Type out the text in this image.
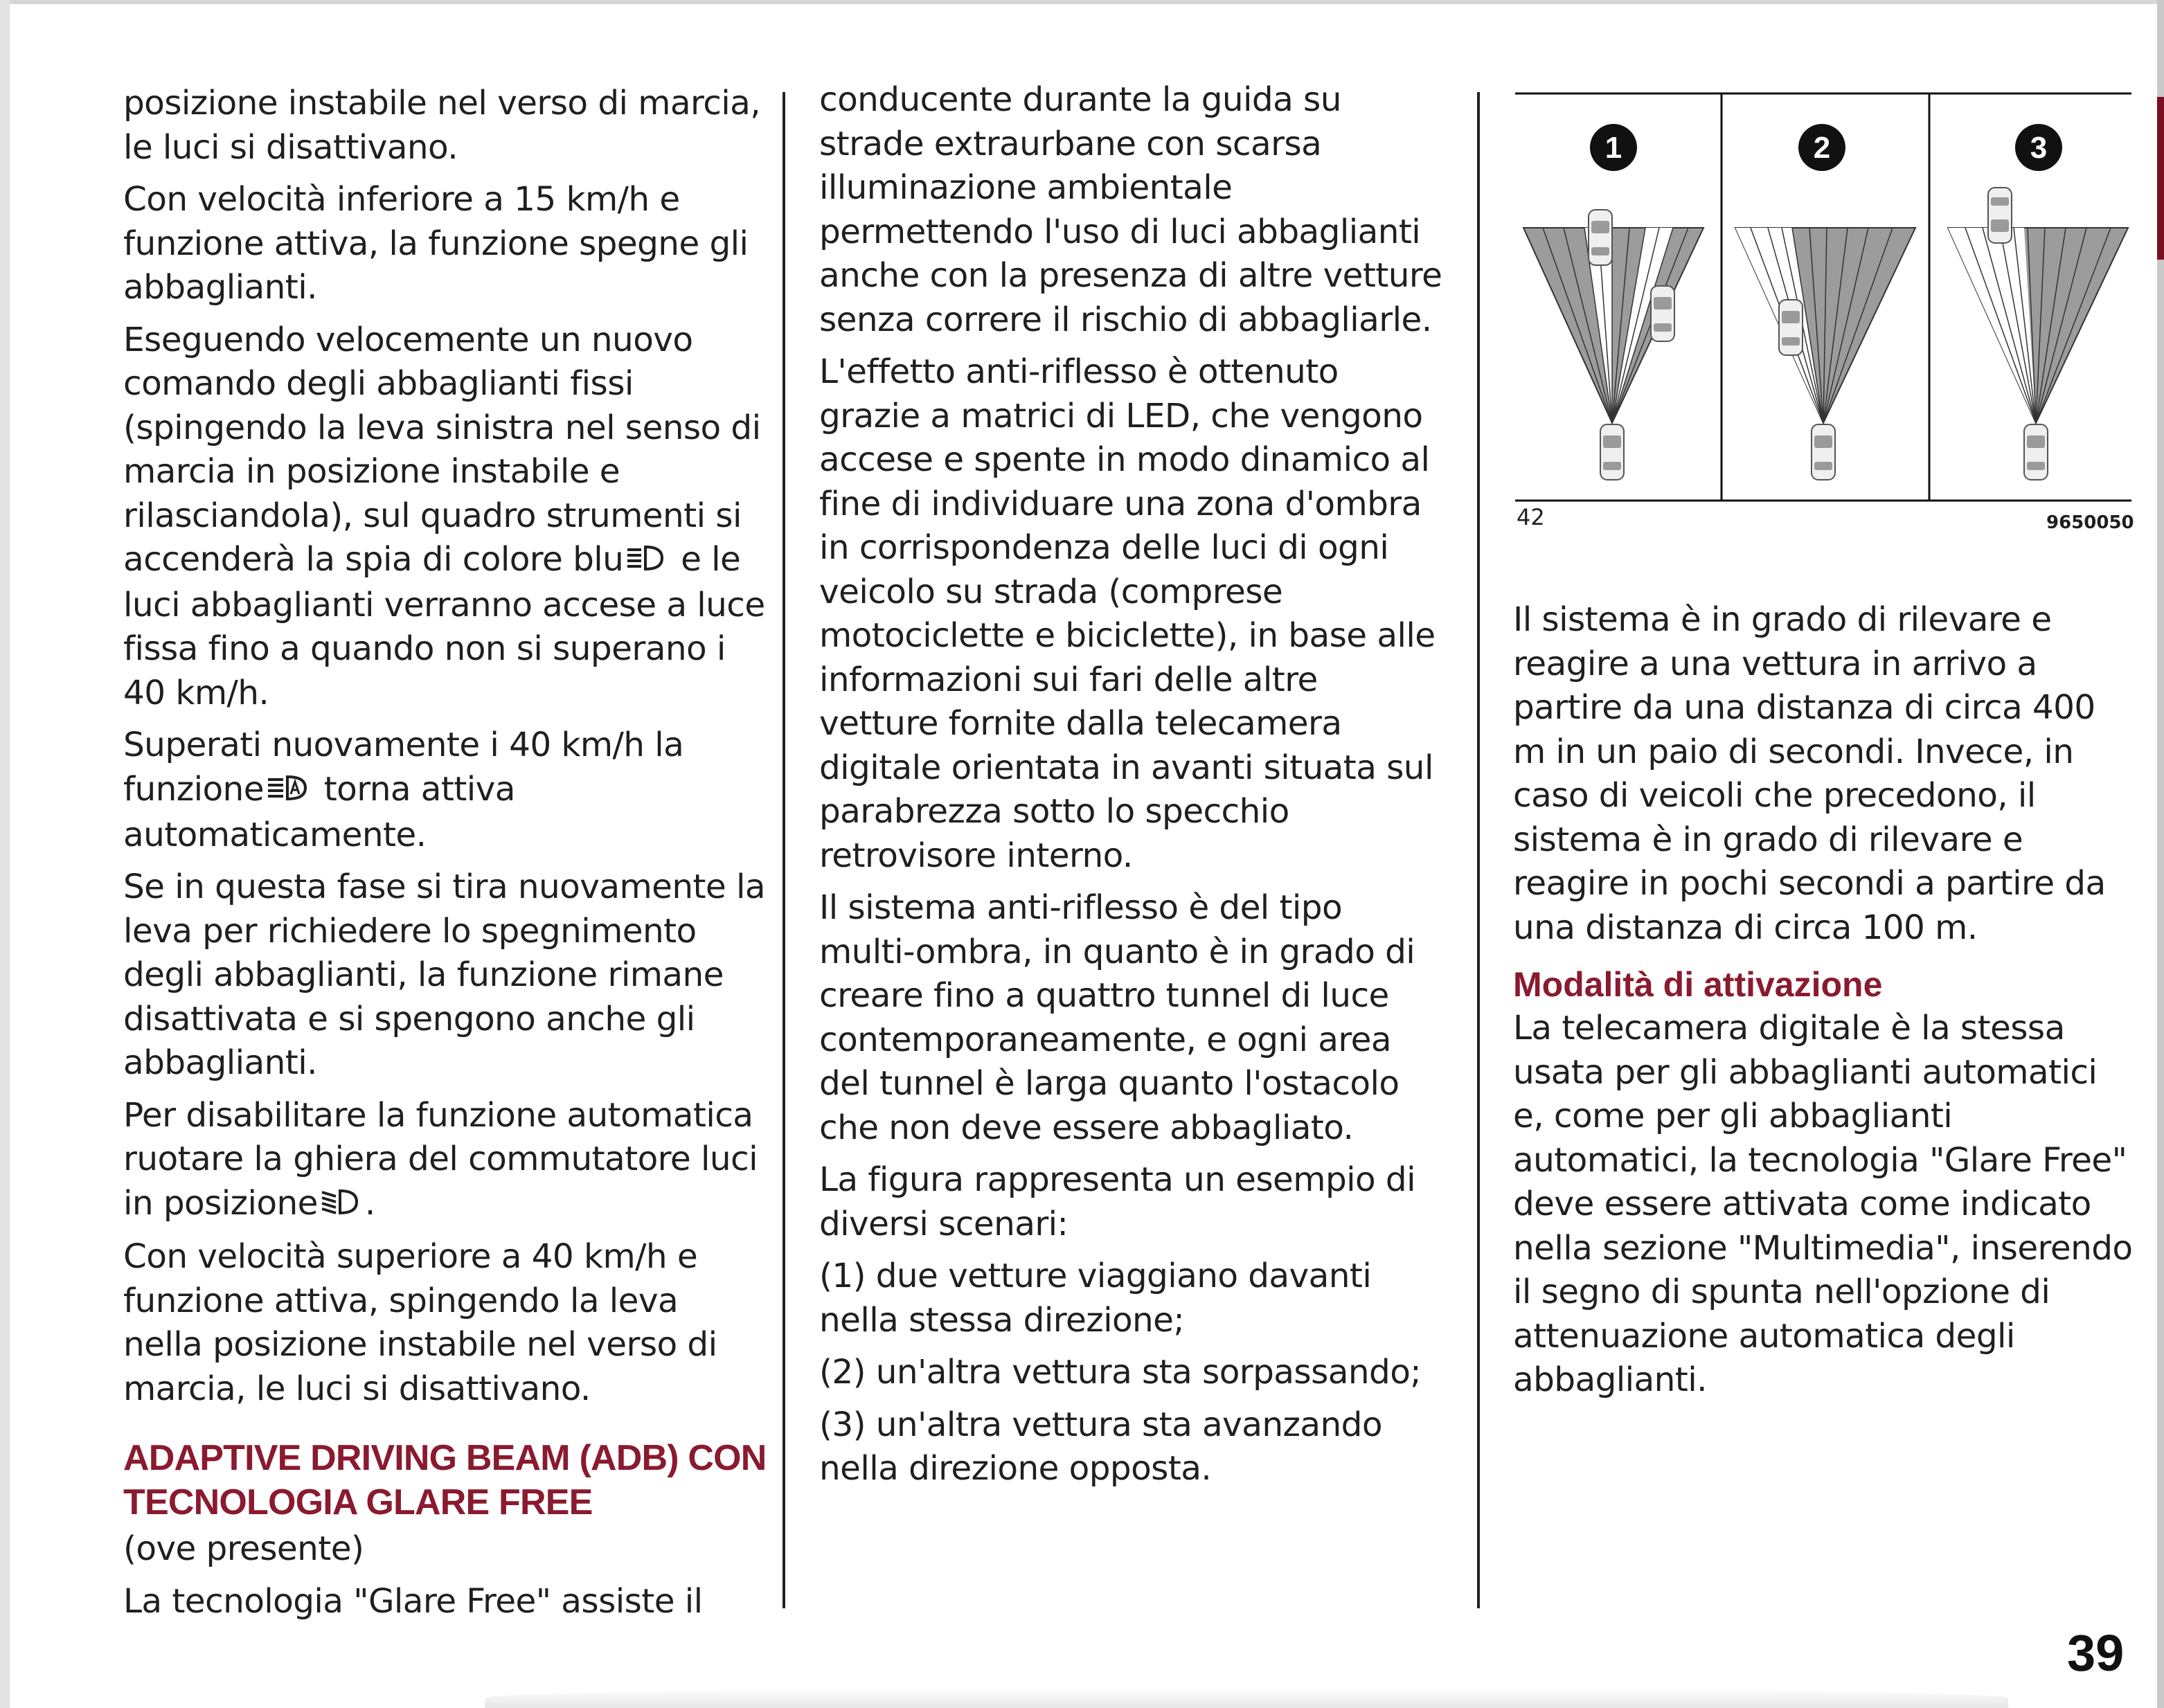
posizione instabile nel verso di marcia, le luci si disattivano.

Con velocità inferiore a 15 km/h e funzione attiva, la funzione spegne gli abbaglianti.

Eseguendo velocemente un nuovo comando degli abbaglianti fissi (spingendo la leva sinistra nel senso di marcia in posizione instabile e rilasciandola), sul quadro strumenti si accenderà la spia di colore blu e le luci abbaglianti verranno accese a luce fissa fino a quando non si superano i 40 km/h.

Superati nuovamente i 40 km/h la funzione torna attiva automaticamente.

Se in questa fase si tira nuovamente la leva per richiedere lo spegnimento degli abbaglianti, la funzione rimane disattivata e si spengono anche gli abbaglianti.

Per disabilitare la funzione automatica ruotare la ghiera del commutatore luci in posizione .

Con velocità superiore a 40 km/h e funzione attiva, spingendo la leva nella posizione instabile nel verso di marcia, le luci si disattivano.

ADAPTIVE DRIVING BEAM (ADB) CON TECNOLOGIA GLARE FREE

(ove presente)

La tecnologia "Glare Free" assiste il

conducente durante la guida su strade extraurbane con scarsa illuminazione ambientale permettendo l'uso di luci abbaglianti anche con la presenza di altre vetture senza correre il rischio di abbagliarle.

L'effetto anti-riflesso è ottenuto grazie a matrici di LED, che vengono accese e spente in modo dinamico al fine di individuare una zona d'ombra in corrispondenza delle luci di ogni veicolo su strada (comprese motociclette e biciclette), in base alle informazioni sui fari delle altre vetture fornite dalla telecamera digitale orientata in avanti situata sul parabrezza sotto lo specchio retrovisore interno.

Il sistema anti-riflesso è del tipo multi-ombra, in quanto è in grado di creare fino a quattro tunnel di luce contemporaneamente, e ogni area del tunnel è larga quanto l'ostacolo che non deve essere abbagliato.

La figura rappresenta un esempio di diversi scenari:

(1) due vetture viaggiano davanti nella stessa direzione;

(2) un'altra vettura sta sorpassando;

(3) un'altra vettura sta avanzando nella direzione opposta.

1	2	3
42	9650050

Il sistema è in grado di rilevare e reagire a una vettura in arrivo a partire da una distanza di circa 400 m in un paio di secondi. Invece, in caso di veicoli che precedono, il sistema è in grado di rilevare e reagire in pochi secondi a partire da una distanza di circa 100 m.

Modalità di attivazione

La telecamera digitale è la stessa usata per gli abbaglianti automatici e, come per gli abbaglianti automatici, la tecnologia "Glare Free" deve essere attivata come indicato nella sezione "Multimedia", inserendo il segno di spunta nell'opzione di attenuazione automatica degli abbaglianti.

39
